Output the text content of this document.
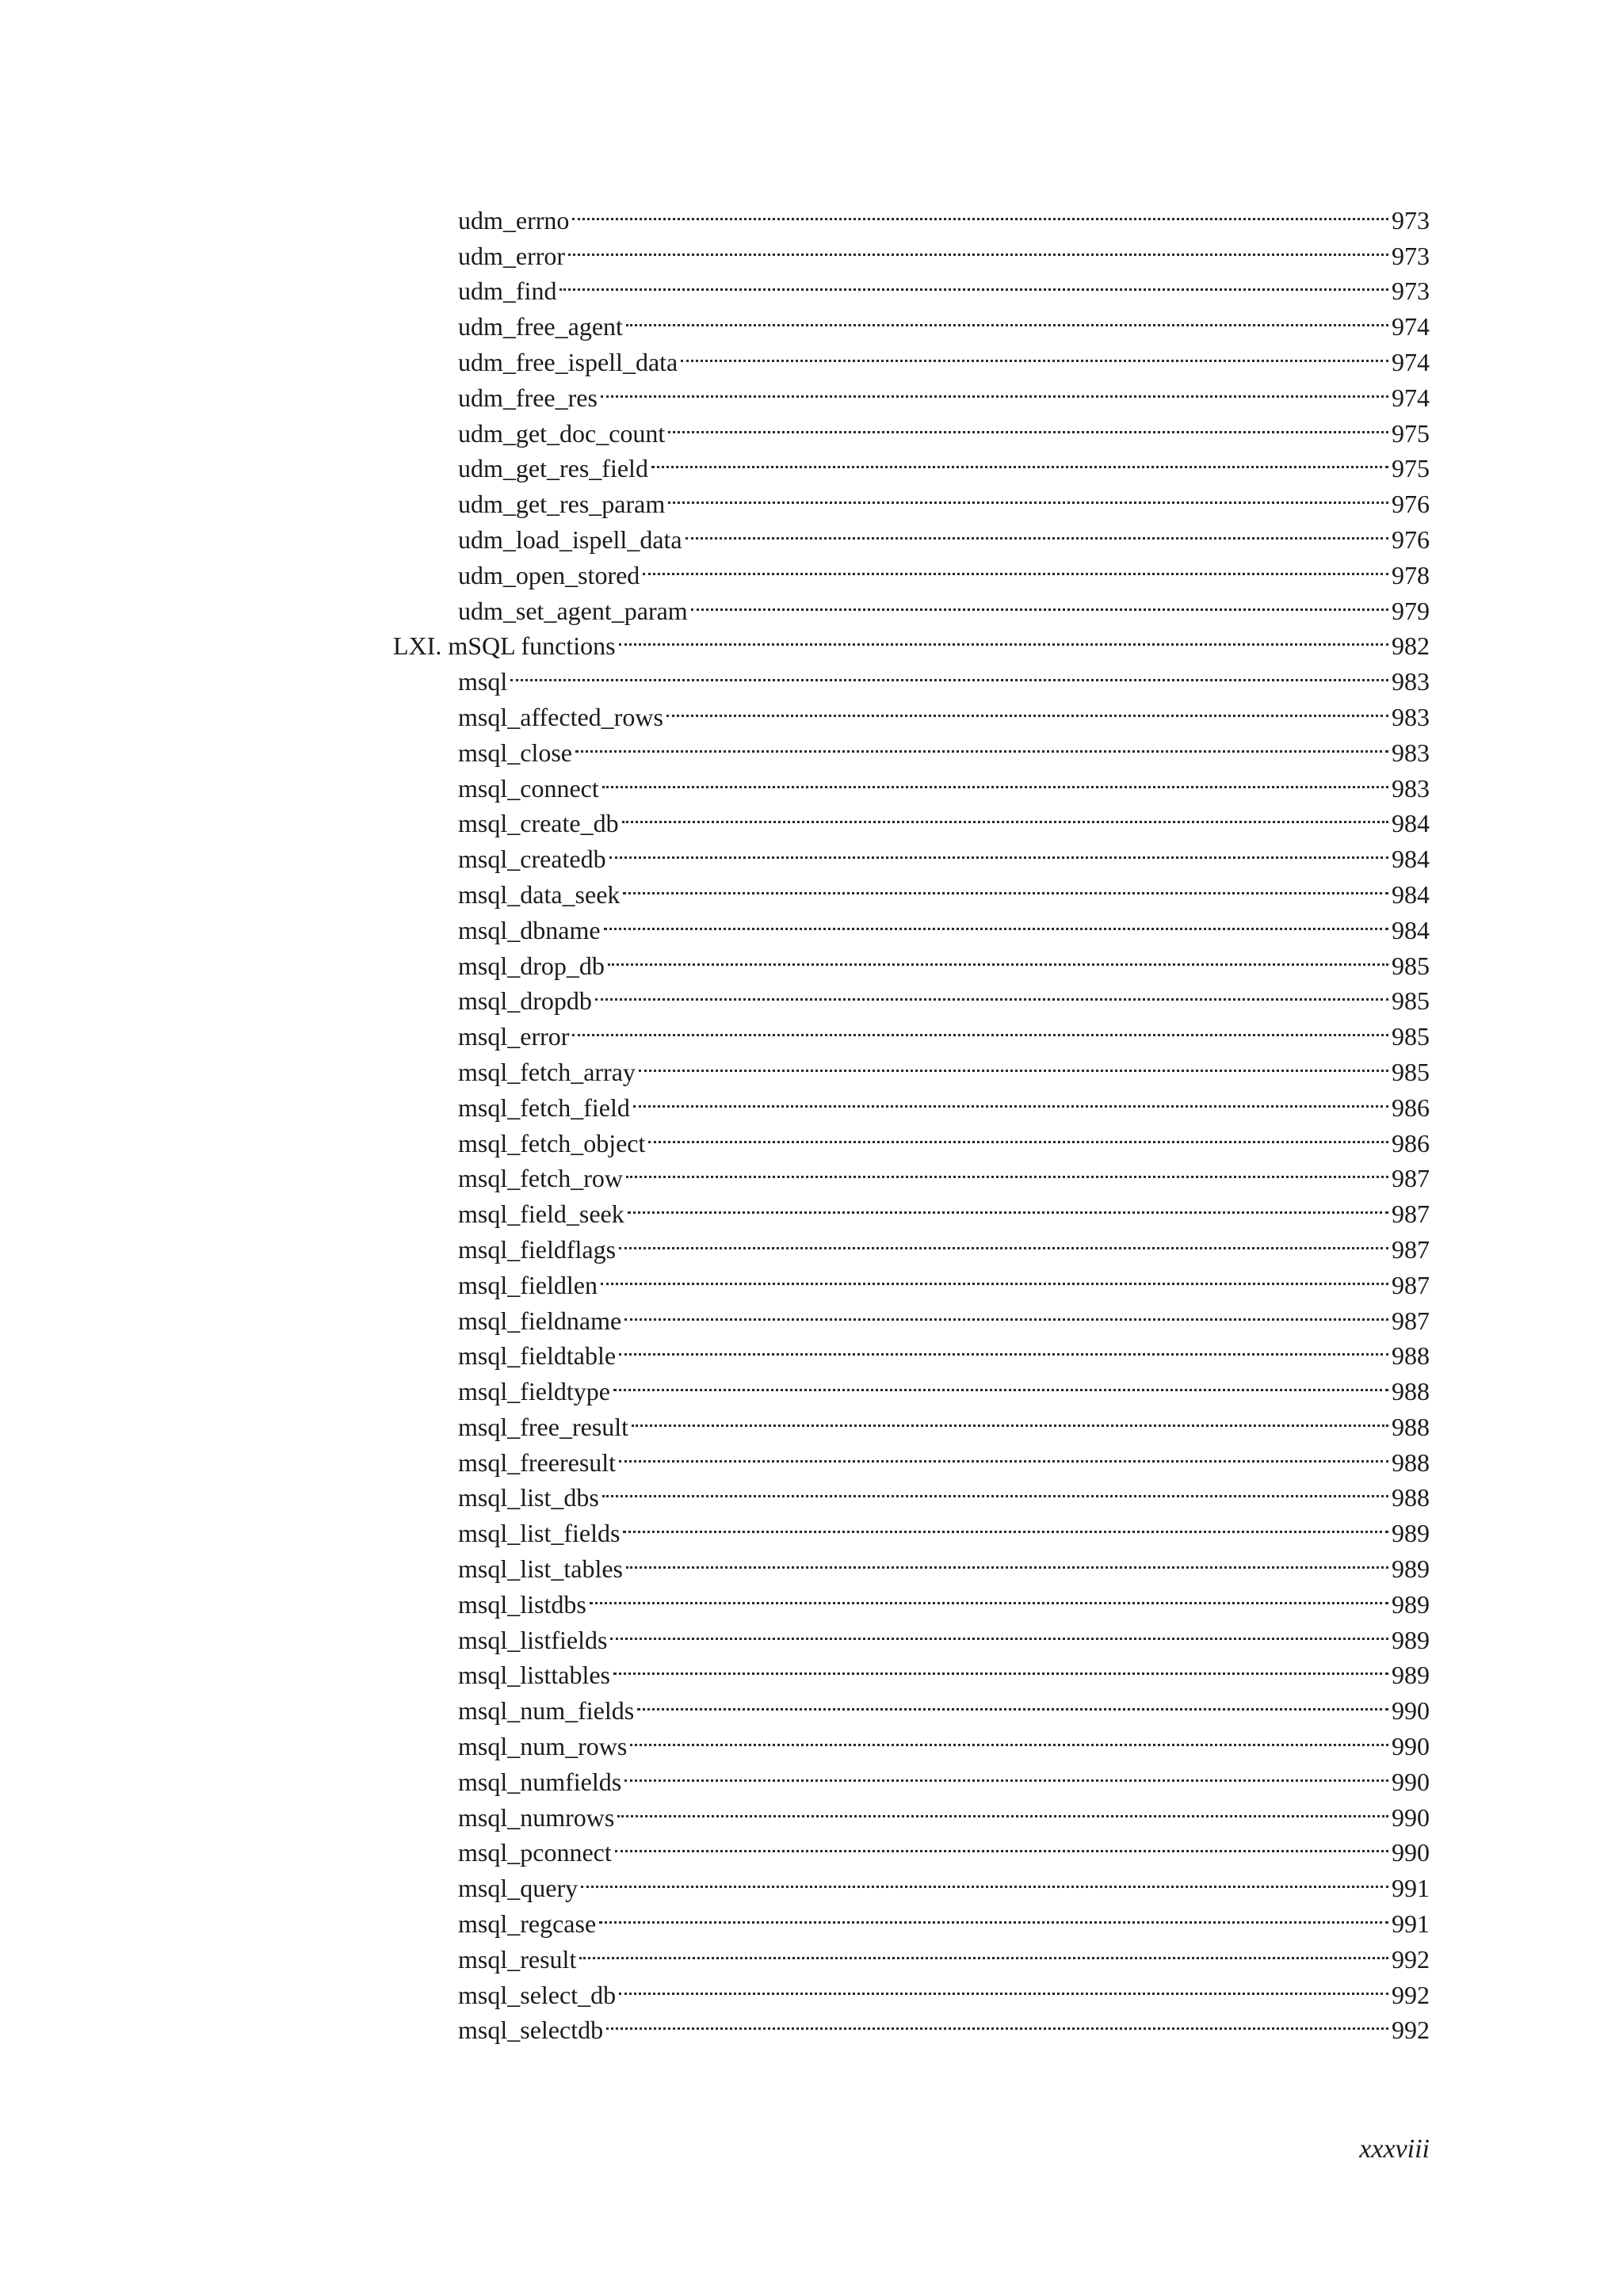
udm_errno	973
udm_error	973
udm_find	973
udm_free_agent	974
udm_free_ispell_data	974
udm_free_res	974
udm_get_doc_count	975
udm_get_res_field	975
udm_get_res_param	976
udm_load_ispell_data	976
udm_open_stored	978
udm_set_agent_param	979
LXI. mSQL functions	982
msql	983
msql_affected_rows	983
msql_close	983
msql_connect	983
msql_create_db	984
msql_createdb	984
msql_data_seek	984
msql_dbname	984
msql_drop_db	985
msql_dropdb	985
msql_error	985
msql_fetch_array	985
msql_fetch_field	986
msql_fetch_object	986
msql_fetch_row	987
msql_field_seek	987
msql_fieldflags	987
msql_fieldlen	987
msql_fieldname	987
msql_fieldtable	988
msql_fieldtype	988
msql_free_result	988
msql_freeresult	988
msql_list_dbs	988
msql_list_fields	989
msql_list_tables	989
msql_listdbs	989
msql_listfields	989
msql_listtables	989
msql_num_fields	990
msql_num_rows	990
msql_numfields	990
msql_numrows	990
msql_pconnect	990
msql_query	991
msql_regcase	991
msql_result	992
msql_select_db	992
msql_selectdb	992
xxxviii
